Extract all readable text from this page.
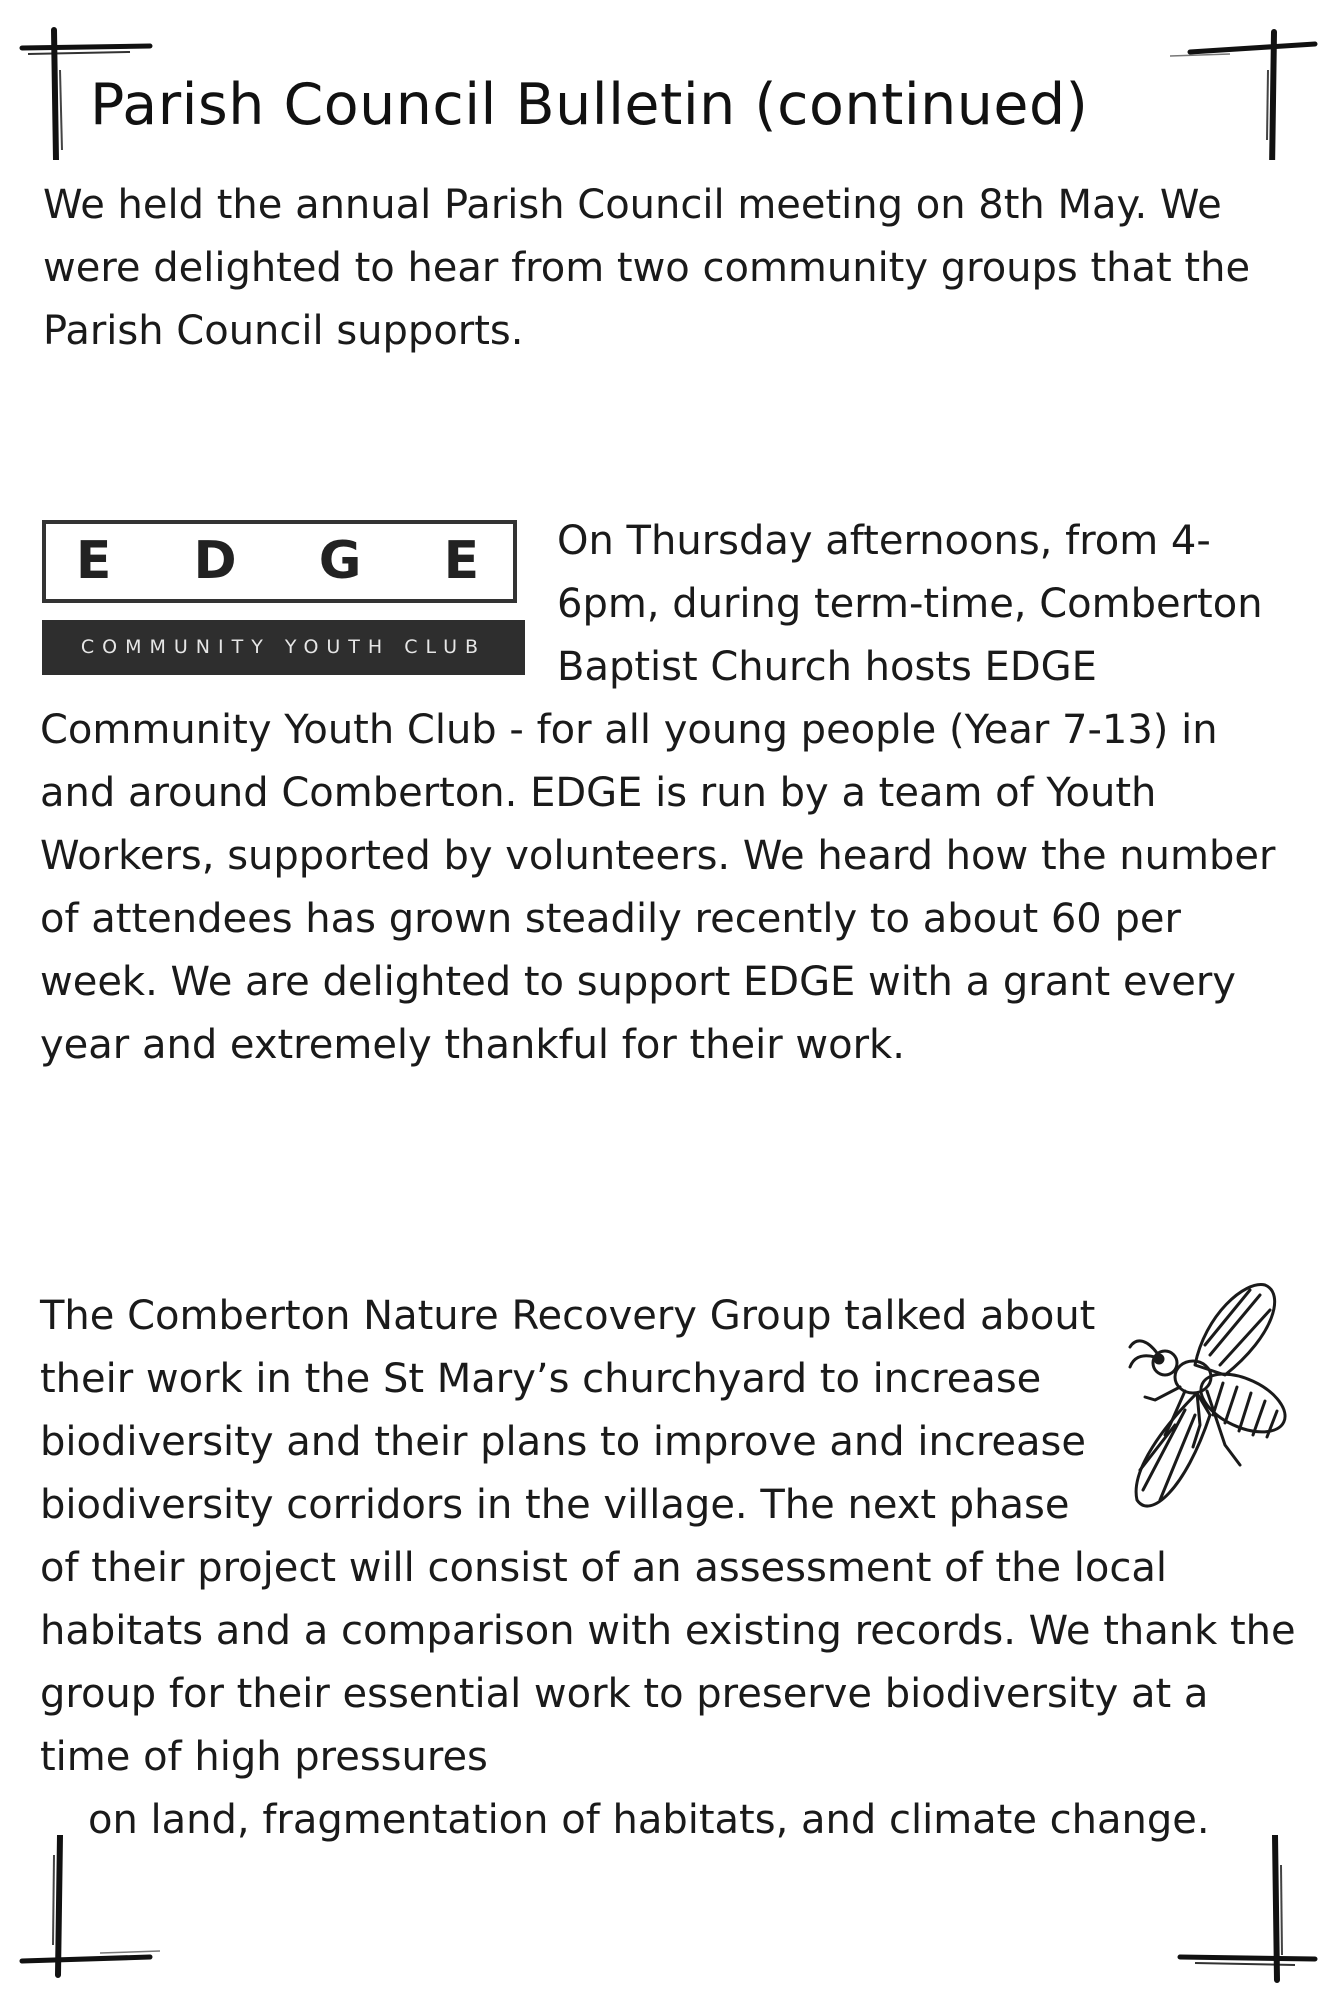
Parish Council Bulletin (continued)

We held the annual Parish Council meeting on 8th May. We were delighted to hear from two community groups that the Parish Council supports.

E D G E
COMMUNITY YOUTH CLUB
On Thursday afternoons, from 4-6pm, during term-time, Comberton Baptist Church hosts EDGE Community Youth Club - for all young people (Year 7-13) in and around Comberton. EDGE is run by a team of Youth Workers, supported by volunteers. We heard how the number of attendees has grown steadily recently to about 60 per week. We are delighted to support EDGE with a grant every year and extremely thankful for their work.
The Comberton Nature Recovery Group talked about their work in the St Mary’s churchyard to increase biodiversity and their plans to improve and increase biodiversity corridors in the village. The next phase of their project will consist of an assessment of the local habitats and a comparison with existing records. We thank the group for their essential work to preserve biodiversity at a time of high pressures

on land, fragmentation of habitats, and climate change.
